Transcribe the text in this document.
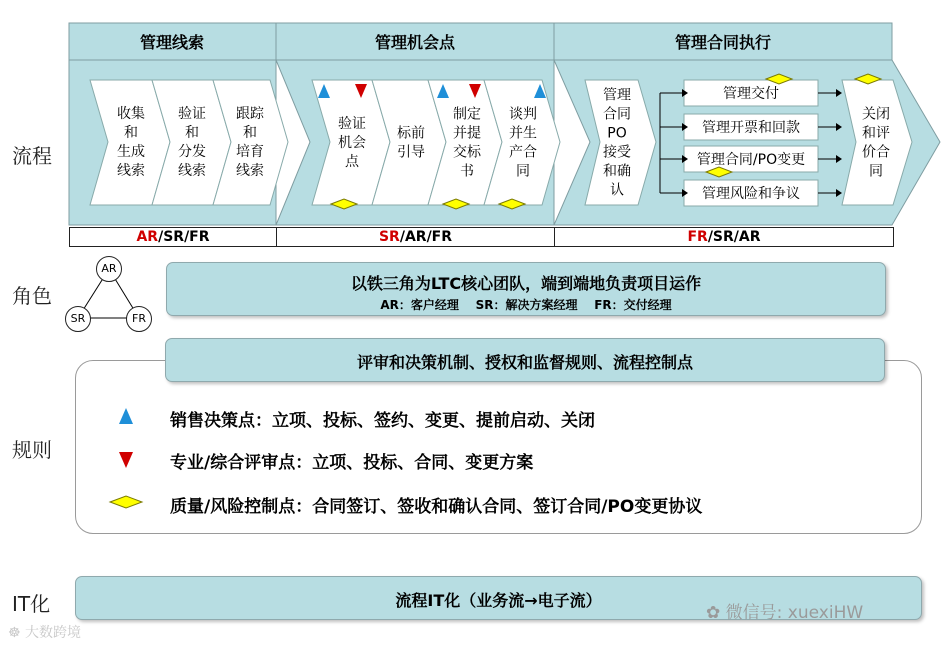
流程
角色
规则
IT化
管理线索	管理机会点	管理合同执行
收集和生成线索
验证和分发线索
跟踪和培育线索
验证机会点
标前引导
制定并提交标书
谈判并生产合同
管理合同 PO 接受和确认
管理交付
管理开票和回款
管理合同/PO变更
管理风险和争议
关闭和评价合同
AR/SR/FR	SR/AR/FR	FR/SR/AR
AR
SR	FR
以铁三角为LTC核心团队，端到端地负责项目运作
AR：客户经理    SR：解决方案经理    FR：交付经理
评审和决策机制、授权和监督规则、流程控制点
销售决策点：立项、投标、签约、变更、提前启动、关闭
专业/综合评审点：立项、投标、合同、变更方案
质量/风险控制点：合同签订、签收和确认合同、签订合同/PO变更协议
流程IT化（业务流→电子流）
☸ 大数跨境
✿ 微信号: xuexiHW
